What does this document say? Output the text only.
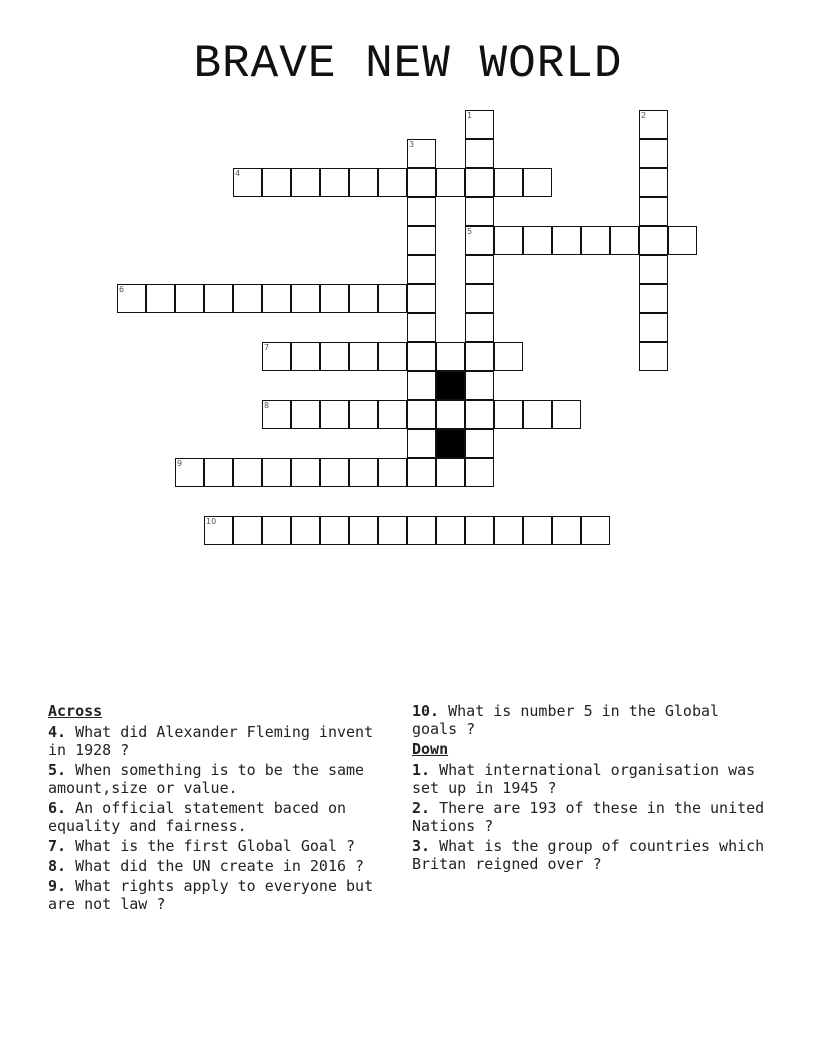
BRAVE NEW WORLD
1
5
2
3
4
6
7
8
9
10
Across
4. What did Alexander Fleming invent in 1928 ?
5. When something is to be the same amount,size or value.
6. An official statement baced on equality and fairness.
7. What is the first Global Goal ?
8. What did the UN create in 2016 ?
9. What rights apply to everyone but are not law ?
10. What is number 5 in the Global goals ?
Down
1. What international organisation was set up in 1945 ?
2. There are 193 of these in the united Nations ?
3. What is the group of countries which Britan reigned over ?
